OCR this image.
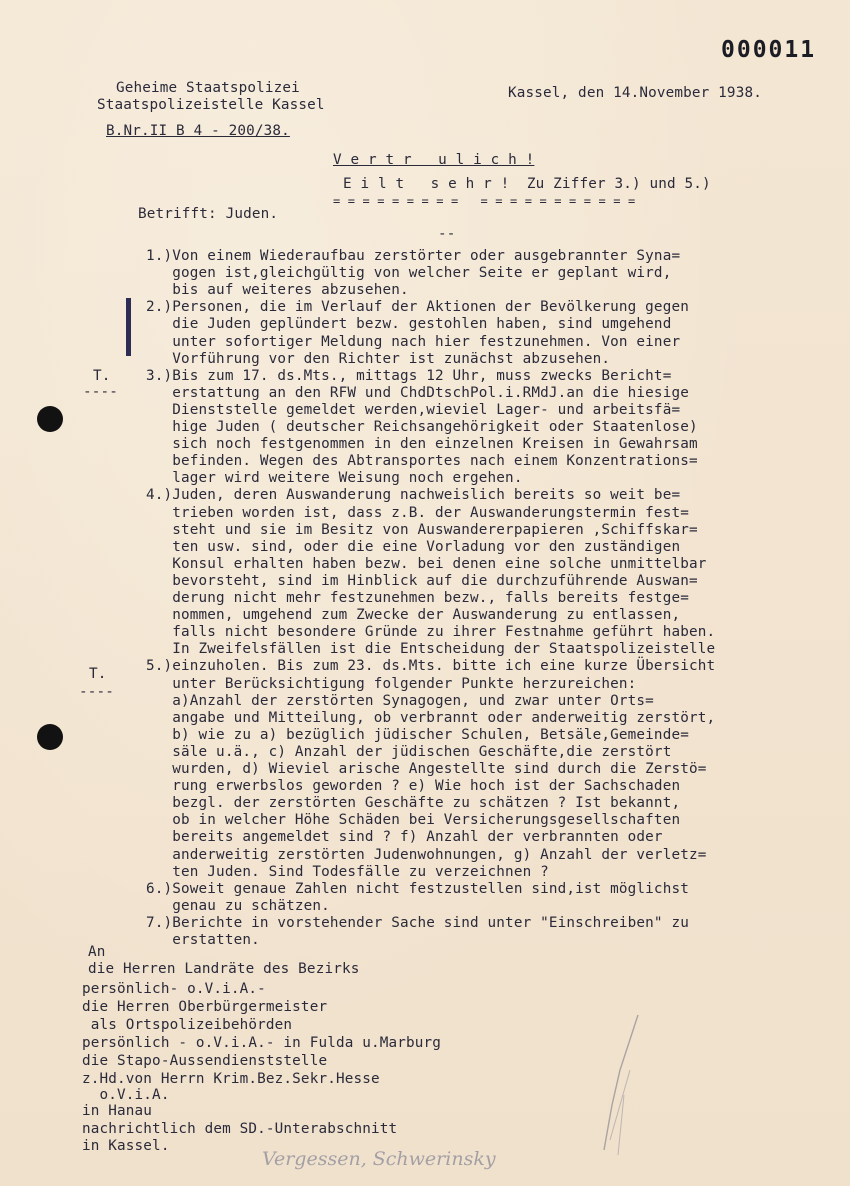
000011
Geheime Staatspolizei
Staatspolizeistelle Kassel
Kassel, den 14.November 1938.
B.Nr.II B 4 - 200/38.
V e r t r   u l i c h !
E i l t   s e h r !  Zu Ziffer 3.) und 5.)
= = = = = = = = =   = = = = = = = = = = =
Betrifft: Juden.
--
T.
----
T.
----
1.)Von einem Wiederaufbau zerstörter oder ausgebrannter Syna=
gogen ist,gleichgültig von welcher Seite er geplant wird,
bis auf weiteres abzusehen.
2.)Personen, die im Verlauf der Aktionen der Bevölkerung gegen
die Juden geplündert bezw. gestohlen haben, sind umgehend
unter sofortiger Meldung nach hier festzunehmen. Von einer
Vorführung vor den Richter ist zunächst abzusehen.
3.)Bis zum 17. ds.Mts., mittags 12 Uhr, muss zwecks Bericht=
erstattung an den RFW und ChdDtschPol.i.RMdJ.an die hiesige
Dienststelle gemeldet werden,wieviel Lager- und arbeitsfä=
hige Juden ( deutscher Reichsangehörigkeit oder Staatenlose)
sich noch festgenommen in den einzelnen Kreisen in Gewahrsam
befinden. Wegen des Abtransportes nach einem Konzentrations=
lager wird weitere Weisung noch ergehen.
4.)Juden, deren Auswanderung nachweislich bereits so weit be=
trieben worden ist, dass z.B. der Auswanderungstermin fest=
steht und sie im Besitz von Auswandererpapieren ,Schiffskar=
ten usw. sind, oder die eine Vorladung vor den zuständigen
Konsul erhalten haben bezw. bei denen eine solche unmittelbar
bevorsteht, sind im Hinblick auf die durchzuführende Auswan=
derung nicht mehr festzunehmen bezw., falls bereits festge=
nommen, umgehend zum Zwecke der Auswanderung zu entlassen,
falls nicht besondere Gründe zu ihrer Festnahme geführt haben.
In Zweifelsfällen ist die Entscheidung der Staatspolizeistelle
5.)einzuholen. Bis zum 23. ds.Mts. bitte ich eine kurze Übersicht
unter Berücksichtigung folgender Punkte herzureichen:
a)Anzahl der zerstörten Synagogen, und zwar unter Orts=
angabe und Mitteilung, ob verbrannt oder anderweitig zerstört,
b) wie zu a) bezüglich jüdischer Schulen, Betsäle,Gemeinde=
säle u.ä., c) Anzahl der jüdischen Geschäfte,die zerstört
wurden, d) Wieviel arische Angestellte sind durch die Zerstö=
rung erwerbslos geworden ? e) Wie hoch ist der Sachschaden
bezgl. der zerstörten Geschäfte zu schätzen ? Ist bekannt,
ob in welcher Höhe Schäden bei Versicherungsgesellschaften
bereits angemeldet sind ? f) Anzahl der verbrannten oder
anderweitig zerstörten Judenwohnungen, g) Anzahl der verletz=
ten Juden. Sind Todesfälle zu verzeichnen ?
6.)Soweit genaue Zahlen nicht festzustellen sind,ist möglichst
genau zu schätzen.
7.)Berichte in vorstehender Sache sind unter "Einschreiben" zu
erstatten.
An
die Herren Landräte des Bezirks
persönlich- o.V.i.A.-
die Herren Oberbürgermeister
als Ortspolizeibehörden
persönlich - o.V.i.A.- in Fulda u.Marburg
die Stapo-Aussendienststelle
z.Hd.von Herrn Krim.Bez.Sekr.Hesse
o.V.i.A.
in Hanau
nachrichtlich dem SD.-Unterabschnitt
in Kassel.
Vergessen, Schwerinsky
